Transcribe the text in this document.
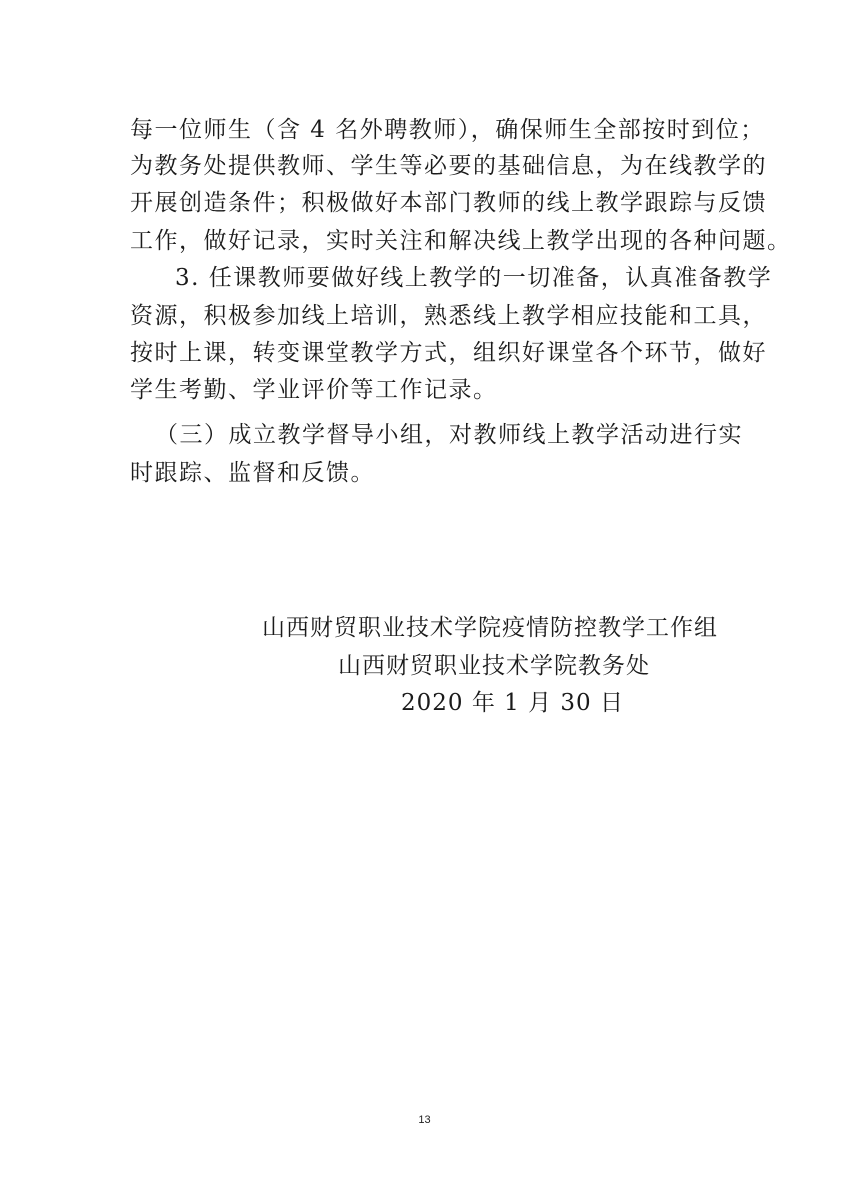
每一位师生（含 4 名外聘教师），确保师生全部按时到位；
为教务处提供教师、学生等必要的基础信息，为在线教学的
开展创造条件；积极做好本部门教师的线上教学跟踪与反馈
工作，做好记录，实时关注和解决线上教学出现的各种问题。
3. 任课教师要做好线上教学的一切准备，认真准备教学
资源，积极参加线上培训，熟悉线上教学相应技能和工具，
按时上课，转变课堂教学方式，组织好课堂各个环节，做好
学生考勤、学业评价等工作记录。
（三）成立教学督导小组，对教师线上教学活动进行实
时跟踪、监督和反馈。
山西财贸职业技术学院疫情防控教学工作组
山西财贸职业技术学院教务处
2020 年 1 月 30 日
13
